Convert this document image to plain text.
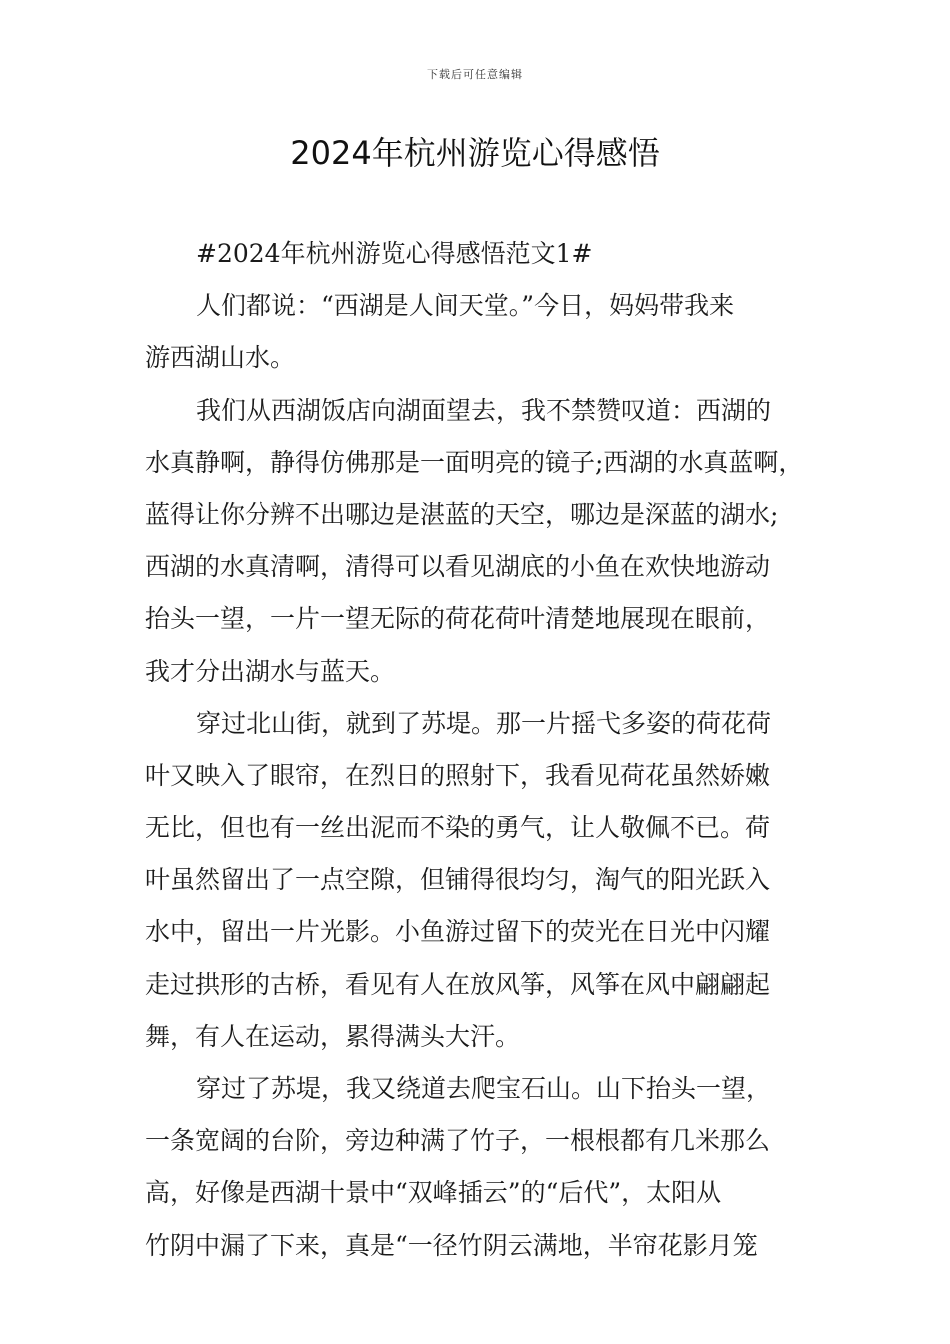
下载后可任意编辑
2024年杭州游览心得感悟
#2024年杭州游览心得感悟范文1#
人们都说：“西湖是人间天堂。”今日，妈妈带我来
游西湖山水。
我们从西湖饭店向湖面望去，我不禁赞叹道：西湖的
水真静啊，静得仿佛那是一面明亮的镜子;西湖的水真蓝啊，
蓝得让你分辨不出哪边是湛蓝的天空，哪边是深蓝的湖水;
西湖的水真清啊，清得可以看见湖底的小鱼在欢快地游动
抬头一望，一片一望无际的荷花荷叶清楚地展现在眼前，
我才分出湖水与蓝天。
穿过北山街，就到了苏堤。那一片摇弋多姿的荷花荷
叶又映入了眼帘，在烈日的照射下，我看见荷花虽然娇嫩
无比，但也有一丝出泥而不染的勇气，让人敬佩不已。荷
叶虽然留出了一点空隙，但铺得很均匀，淘气的阳光跃入
水中，留出一片光影。小鱼游过留下的荧光在日光中闪耀
走过拱形的古桥，看见有人在放风筝，风筝在风中翩翩起
舞，有人在运动，累得满头大汗。
穿过了苏堤，我又绕道去爬宝石山。山下抬头一望，
一条宽阔的台阶，旁边种满了竹子，一根根都有几米那么
高，好像是西湖十景中“双峰插云”的“后代”，太阳从
竹阴中漏了下来，真是“一径竹阴云满地，半帘花影月笼
